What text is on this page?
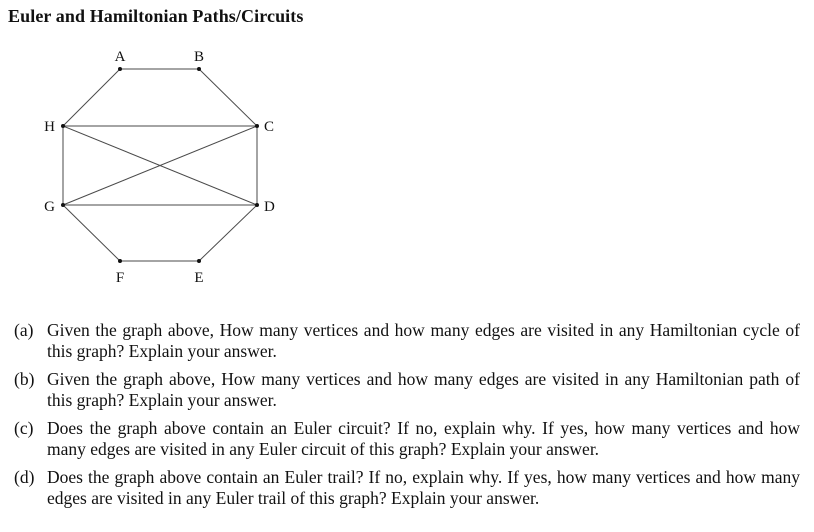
Euler and Hamiltonian Paths/Circuits
A	B
C
D
E
F
G
H
(a) Given the graph above, How many vertices and how many edges are visited in any Hamiltonian cycle of this graph? Explain your answer.
(b) Given the graph above, How many vertices and how many edges are visited in any Hamiltonian path of this graph? Explain your answer.
(c) Does the graph above contain an Euler circuit? If no, explain why. If yes, how many vertices and how many edges are visited in any Euler circuit of this graph? Explain your answer.
(d) Does the graph above contain an Euler trail? If no, explain why. If yes, how many vertices and how many edges are visited in any Euler trail of this graph? Explain your answer.
